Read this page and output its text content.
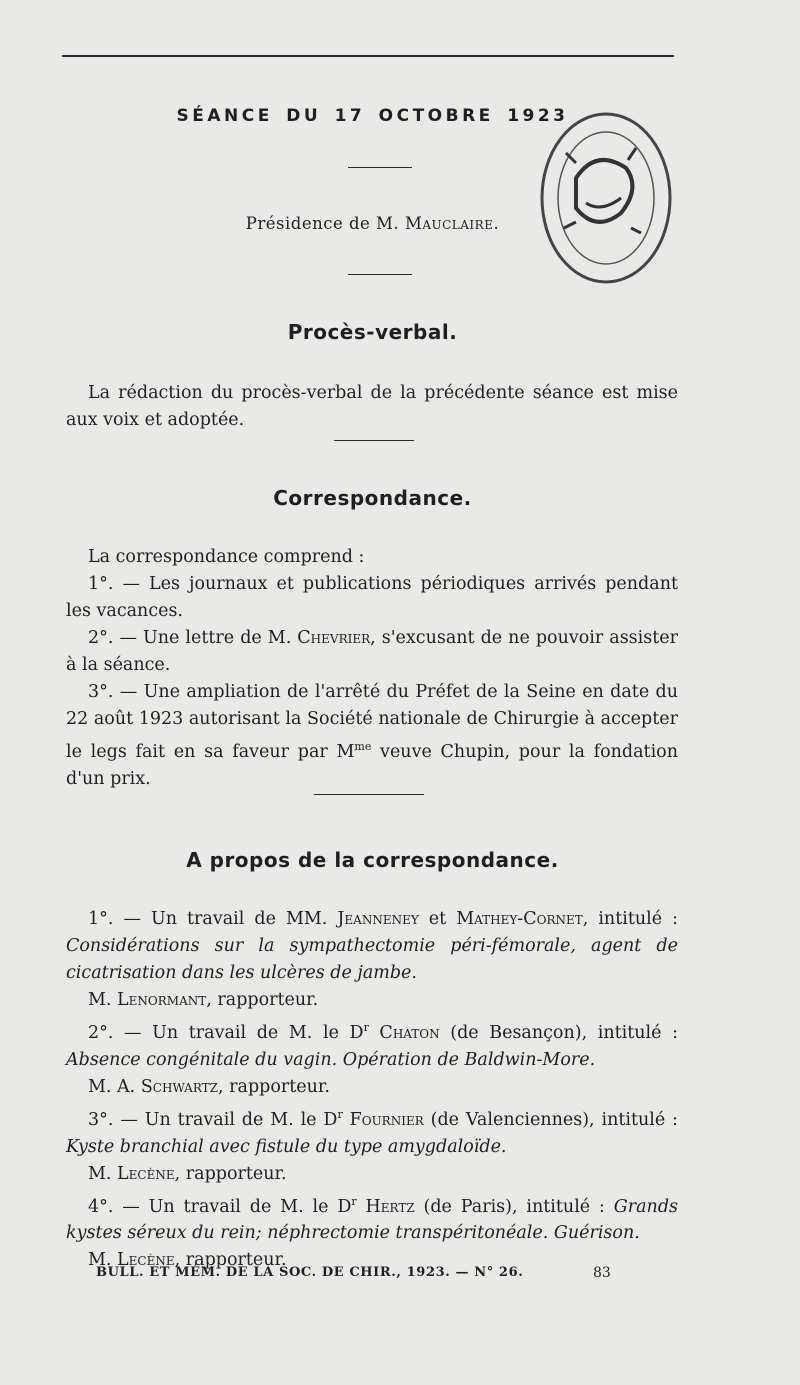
SÉANCE DU 17 OCTOBRE 1923
Présidence de M. Mauclaire.
Procès-verbal.

La rédaction du procès-verbal de la précédente séance est mise aux voix et adoptée.

Correspondance.

La correspondance comprend :

1°. — Les journaux et publications périodiques arrivés pendant les vacances.

2°. — Une lettre de M. Chevrier, s'excusant de ne pouvoir assister à la séance.

3°. — Une ampliation de l'arrêté du Préfet de la Seine en date du 22 août 1923 autorisant la Société nationale de Chirurgie à accepter le legs fait en sa faveur par $M^{me}$ veuve Chupin, pour la fondation d'un prix.

A propos de la correspondance.

1°. — Un travail de MM. Jeanneney et Mathey-Cornet, intitulé : Considérations sur la sympathectomie péri-fémorale, agent de cicatrisation dans les ulcères de jambe.

M. Lenormant, rapporteur.

2°. — Un travail de M. le $D^r$ Chaton (de Besançon), intitulé : Absence congénitale du vagin. Opération de Baldwin-More.

M. A. Schwartz, rapporteur.

3°. — Un travail de M. le $D^r$ Fournier (de Valenciennes), intitulé : Kyste branchial avec fistule du type amygdaloïde.

M. Lecène, rapporteur.

4°. — Un travail de M. le $D^r$ Hertz (de Paris), intitulé : Grands kystes séreux du rein; néphrectomie transpéritonéale. Guérison.

M. Lecène, rapporteur.

BULL. ET MÉM. DE LA SOC. DE CHIR., 1923. — N° 26.	83
